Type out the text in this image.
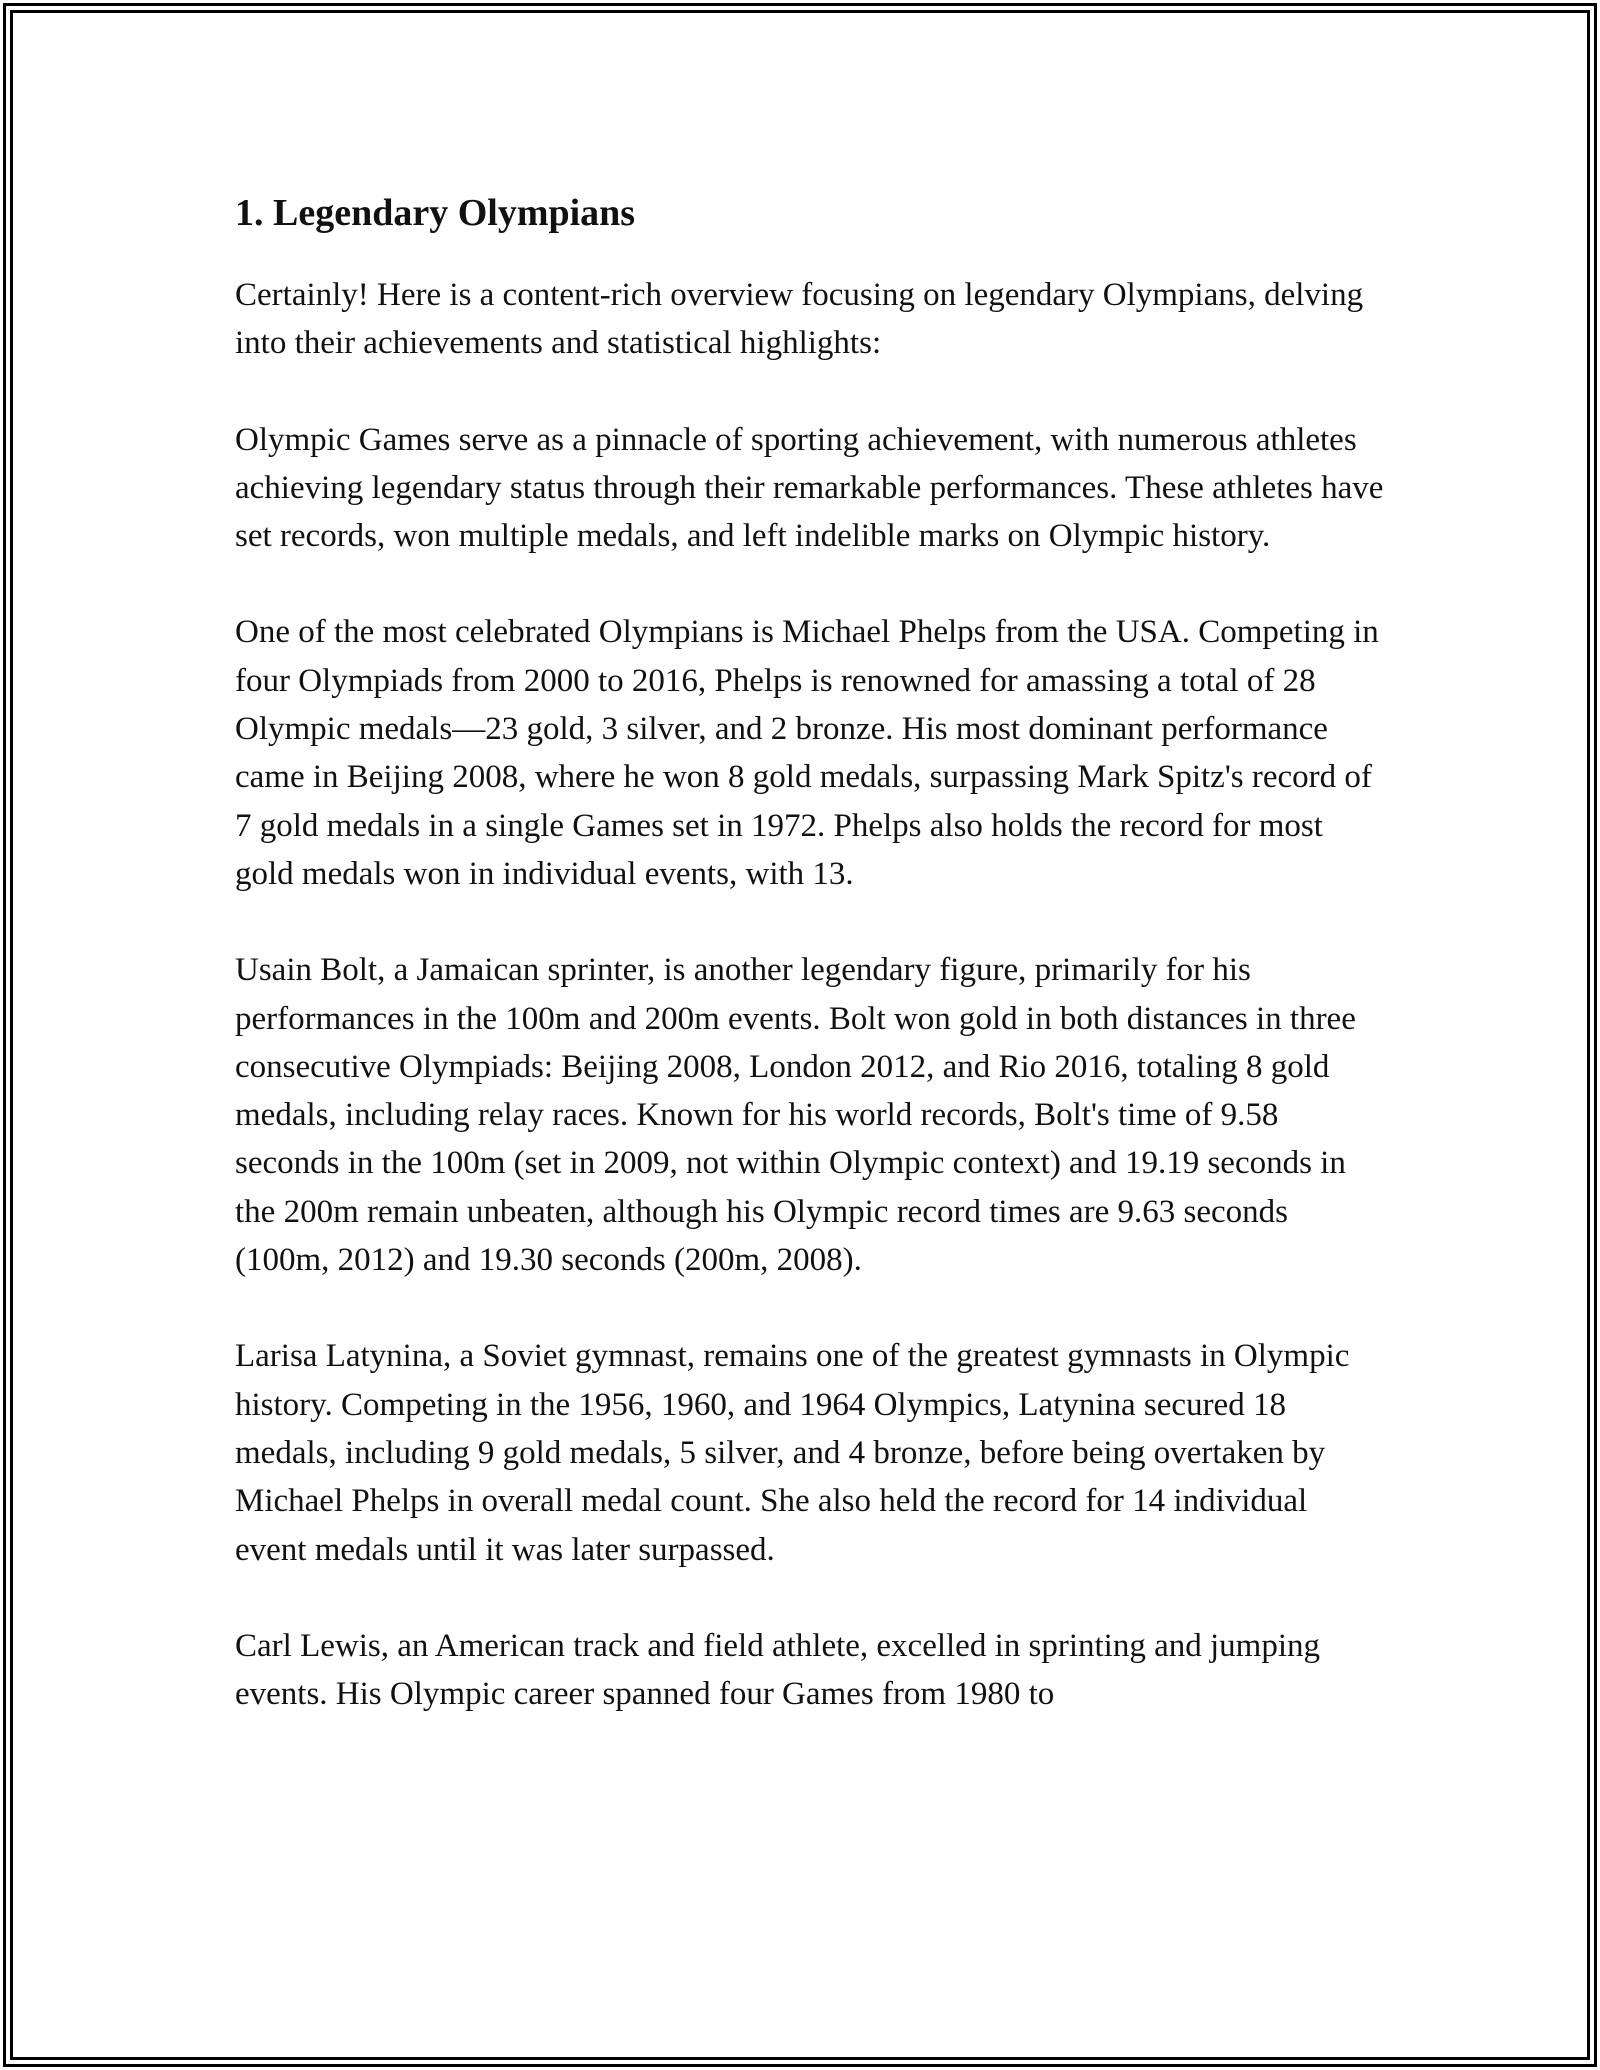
1. Legendary Olympians

Certainly! Here is a content-rich overview focusing on legendary Olympians, delving into their achievements and statistical highlights:

Olympic Games serve as a pinnacle of sporting achievement, with numerous athletes achieving legendary status through their remarkable performances. These athletes have set records, won multiple medals, and left indelible marks on Olympic history.

One of the most celebrated Olympians is Michael Phelps from the USA. Competing in four Olympiads from 2000 to 2016, Phelps is renowned for amassing a total of 28 Olympic medals—23 gold, 3 silver, and 2 bronze. His most dominant performance came in Beijing 2008, where he won 8 gold medals, surpassing Mark Spitz's record of 7 gold medals in a single Games set in 1972. Phelps also holds the record for most gold medals won in individual events, with 13.

Usain Bolt, a Jamaican sprinter, is another legendary figure, primarily for his performances in the 100m and 200m events. Bolt won gold in both distances in three consecutive Olympiads: Beijing 2008, London 2012, and Rio 2016, totaling 8 gold medals, including relay races. Known for his world records, Bolt's time of 9.58 seconds in the 100m (set in 2009, not within Olympic context) and 19.19 seconds in the 200m remain unbeaten, although his Olympic record times are 9.63 seconds (100m, 2012) and 19.30 seconds (200m, 2008).

Larisa Latynina, a Soviet gymnast, remains one of the greatest gymnasts in Olympic history. Competing in the 1956, 1960, and 1964 Olympics, Latynina secured 18 medals, including 9 gold medals, 5 silver, and 4 bronze, before being overtaken by Michael Phelps in overall medal count. She also held the record for 14 individual event medals until it was later surpassed.

Carl Lewis, an American track and field athlete, excelled in sprinting and jumping events. His Olympic career spanned four Games from 1980 to
